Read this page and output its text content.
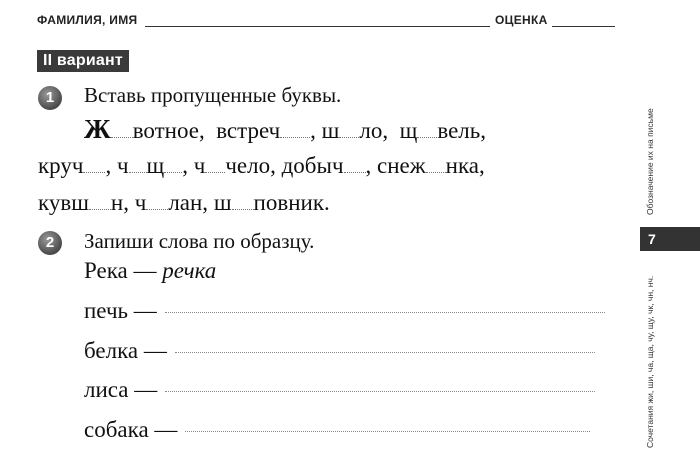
ФАМИЛИЯ, ИМЯ	ОЦЕНКА
II вариант
1	Вставь пропущенные буквы.
Ж вотное, встреч , ш ло, щ вель,
круч , ч щ , ч чело, добыч , снеж нка,
кувш н, ч лан, ш повник.
2	Запиши слова по образцу.
Река — речка
печь —
белка —
лиса —
собака —
Обозначение их на письме
7
Сочетания жи, ши, ча, ща, чу, щу, чк, чн, нч.
